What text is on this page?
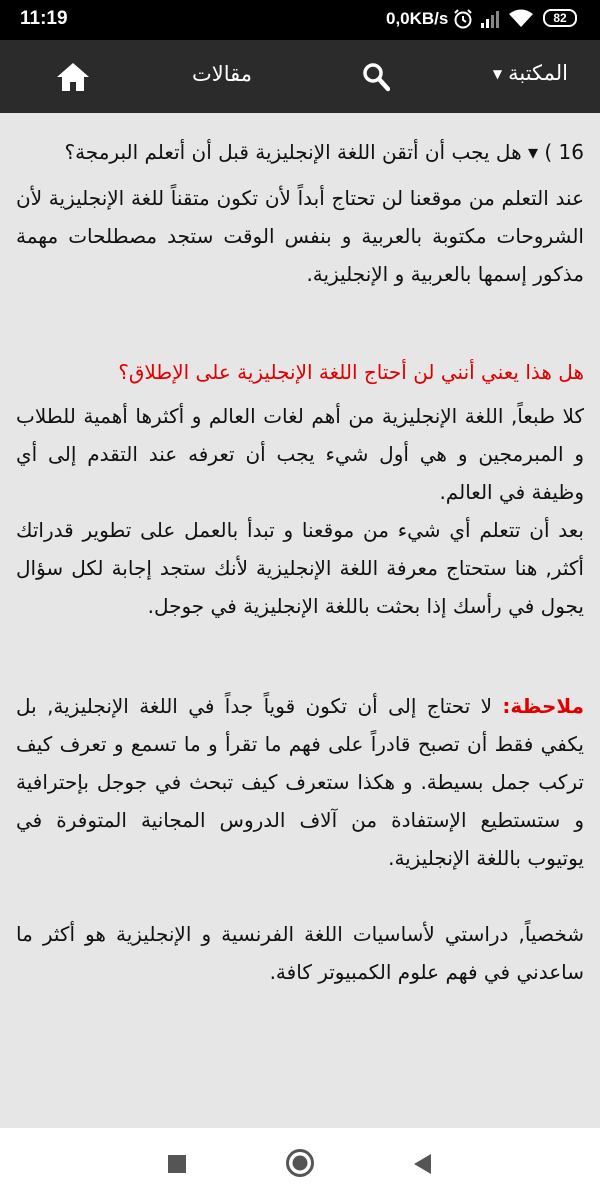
11:19	0,0KB/s	82
مقالات	المكتبة▼

16 ) ▾ هل يجب أن أتقن اللغة الإنجليزية قبل أن أتعلم البرمجة؟

عند التعلم من موقعنا لن تحتاج أبداً لأن تكون متقناً للغة الإنجليزية لأن الشروحات مكتوبة بالعربية و بنفس الوقت ستجد مصطلحات مهمة مذكور إسمها بالعربية و الإنجليزية.

هل هذا يعني أنني لن أحتاج اللغة الإنجليزية على الإطلاق؟

كلا طبعاً, اللغة الإنجليزية من أهم لغات العالم و أكثرها أهمية للطلاب و المبرمجين و هي أول شيء يجب أن تعرفه عند التقدم إلى أي وظيفة في العالم.

بعد أن تتعلم أي شيء من موقعنا و تبدأ بالعمل على تطوير قدراتك أكثر, هنا ستحتاج معرفة اللغة الإنجليزية لأنك ستجد إجابة لكل سؤال يجول في رأسك إذا بحثت باللغة الإنجليزية في جوجل.

ملاحظة: لا تحتاج إلى أن تكون قوياً جداً في اللغة الإنجليزية, بل يكفي فقط أن تصبح قادراً على فهم ما تقرأ و ما تسمع و تعرف كيف تركب جمل بسيطة. و هكذا ستعرف كيف تبحث في جوجل بإحترافية و ستستطيع الإستفادة من آلاف الدروس المجانية المتوفرة في يوتيوب باللغة الإنجليزية.

شخصياً, دراستي لأساسيات اللغة الفرنسية و الإنجليزية هو أكثر ما ساعدني في فهم علوم الكمبيوتر كافة.
